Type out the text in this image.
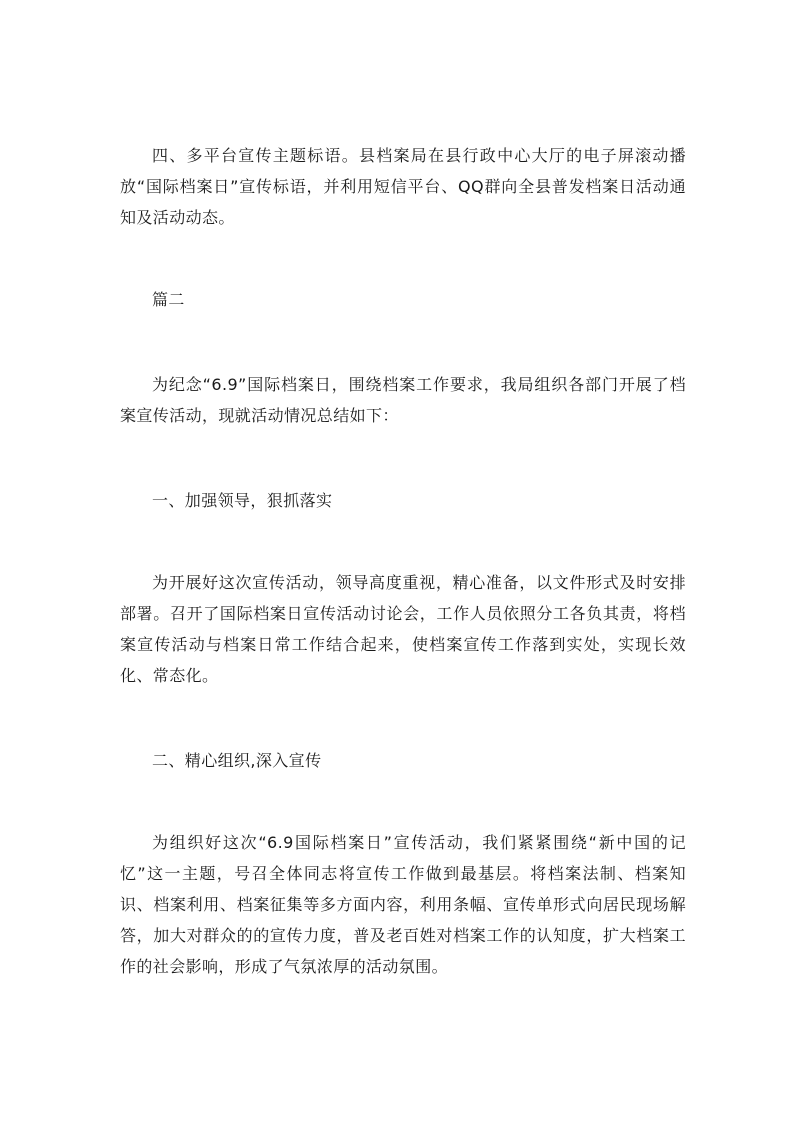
四、多平台宣传主题标语。县档案局在县行政中心大厅的电子屏滚动播放“国际档案日”宣传标语，并利用短信平台、QQ群向全县普发档案日活动通知及活动动态。

篇二

为纪念“6.9”国际档案日，围绕档案工作要求，我局组织各部门开展了档案宣传活动，现就活动情况总结如下：

一、加强领导，狠抓落实

为开展好这次宣传活动，领导高度重视，精心准备，以文件形式及时安排部署。召开了国际档案日宣传活动讨论会，工作人员依照分工各负其责，将档案宣传活动与档案日常工作结合起来，使档案宣传工作落到实处，实现长效化、常态化。

二、精心组织,深入宣传

为组织好这次“6.9国际档案日”宣传活动，我们紧紧围绕“新中国的记忆”这一主题，号召全体同志将宣传工作做到最基层。将档案法制、档案知识、档案利用、档案征集等多方面内容，利用条幅、宣传单形式向居民现场解答，加大对群众的的宣传力度，普及老百姓对档案工作的认知度，扩大档案工作的社会影响，形成了气氛浓厚的活动氛围。
